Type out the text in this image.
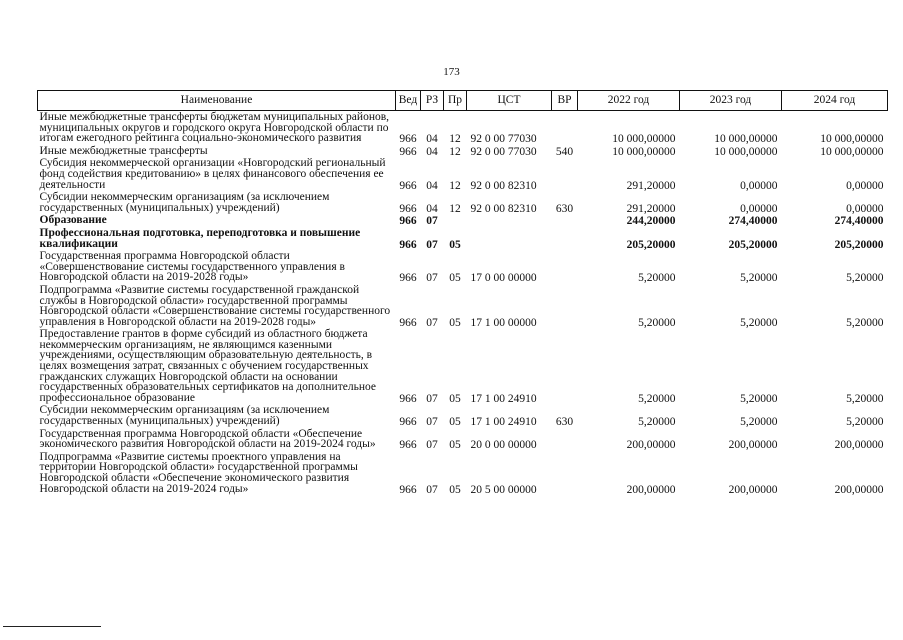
173
Наименование	Вед	РЗ	Пр	ЦСТ	ВР	2022 год	2023 год	2024 год
Иные межбюджетные трансферты бюджетам муниципальных районов, муниципальных округов и городского округа Новгородской области по итогам ежегодного рейтинга социально-экономического развития	966	04	12	92 0 00 77030		10 000,00000	10 000,00000	10 000,00000
Иные межбюджетные трансферты	966	04	12	92 0 00 77030	540	10 000,00000	10 000,00000	10 000,00000
Субсидия некоммерческой организации «Новгородский региональный фонд содействия кредитованию» в целях финансового обеспечения ее деятельности	966	04	12	92 0 00 82310		291,20000	0,00000	0,00000
Субсидии некоммерческим организациям (за исключением государственных (муниципальных) учреждений)	966	04	12	92 0 00 82310	630	291,20000	0,00000	0,00000
Образование	966	07				244,20000	274,40000	274,40000
Профессиональная подготовка, переподготовка и повышение квалификации	966	07	05			205,20000	205,20000	205,20000
Государственная программа Новгородской области «Совершенствование системы государственного управления в Новгородской области на 2019-2028 годы»	966	07	05	17 0 00 00000		5,20000	5,20000	5,20000
Подпрограмма «Развитие системы государственной гражданской службы в Новгородской области» государственной программы Новгородской области «Совершенствование системы государственного управления в Новгородской области на 2019-2028 годы»	966	07	05	17 1 00 00000		5,20000	5,20000	5,20000
Предоставление грантов в форме субсидий из областного бюджета некоммерческим организациям, не являющимся казенными учреждениями, осуществляющим образовательную деятельность, в целях возмещения затрат, связанных с обучением государственных гражданских служащих Новгородской области на основании государственных образовательных сертификатов на дополнительное профессиональное образование	966	07	05	17 1 00 24910		5,20000	5,20000	5,20000
Субсидии некоммерческим организациям (за исключением государственных (муниципальных) учреждений)	966	07	05	17 1 00 24910	630	5,20000	5,20000	5,20000
Государственная программа Новгородской области «Обеспечение экономического развития Новгородской области на 2019-2024 годы»	966	07	05	20 0 00 00000		200,00000	200,00000	200,00000
Подпрограмма «Развитие системы проектного управления на территории Новгородской области» государственной программы Новгородской области «Обеспечение экономического развития Новгородской области на 2019-2024 годы»	966	07	05	20 5 00 00000		200,00000	200,00000	200,00000
